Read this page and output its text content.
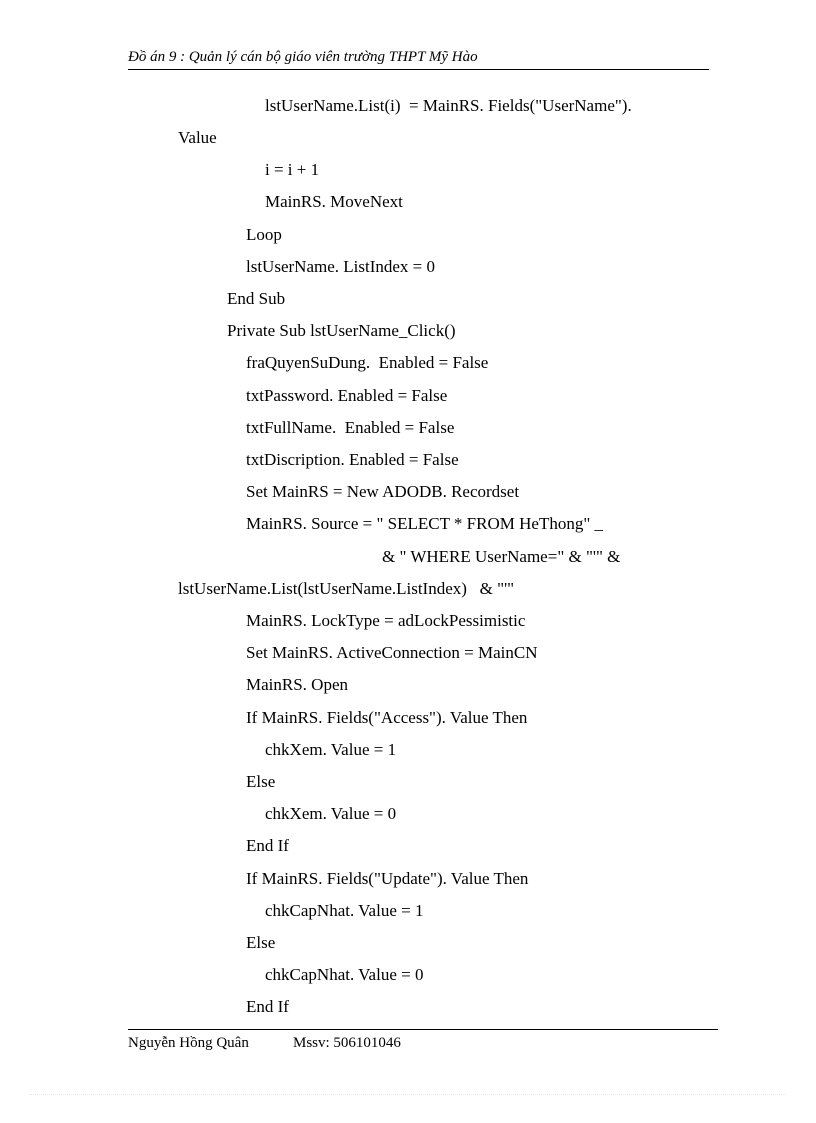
Đồ án 9 : Quản lý cán bộ giáo viên trường THPT Mỹ Hào
lstUserName.List(i)  = MainRS. Fields("UserName").
Value
i = i + 1
MainRS. MoveNext
Loop
lstUserName. ListIndex = 0
End Sub
Private Sub lstUserName_Click()
fraQuyenSuDung.  Enabled = False
txtPassword. Enabled = False
txtFullName.  Enabled = False
txtDiscription. Enabled = False
Set MainRS = New ADODB. Recordset
MainRS. Source = " SELECT * FROM HeThong" _
& " WHERE UserName=" & "'" &
lstUserName.List(lstUserName.ListIndex)   & "'"
MainRS. LockType = adLockPessimistic
Set MainRS. ActiveConnection = MainCN
MainRS. Open
If MainRS. Fields("Access"). Value Then
chkXem. Value = 1
Else
chkXem. Value = 0
End If
If MainRS. Fields("Update"). Value Then
chkCapNhat. Value = 1
Else
chkCapNhat. Value = 0
End If
Nguyễn Hồng Quân	Mssv: 506101046
